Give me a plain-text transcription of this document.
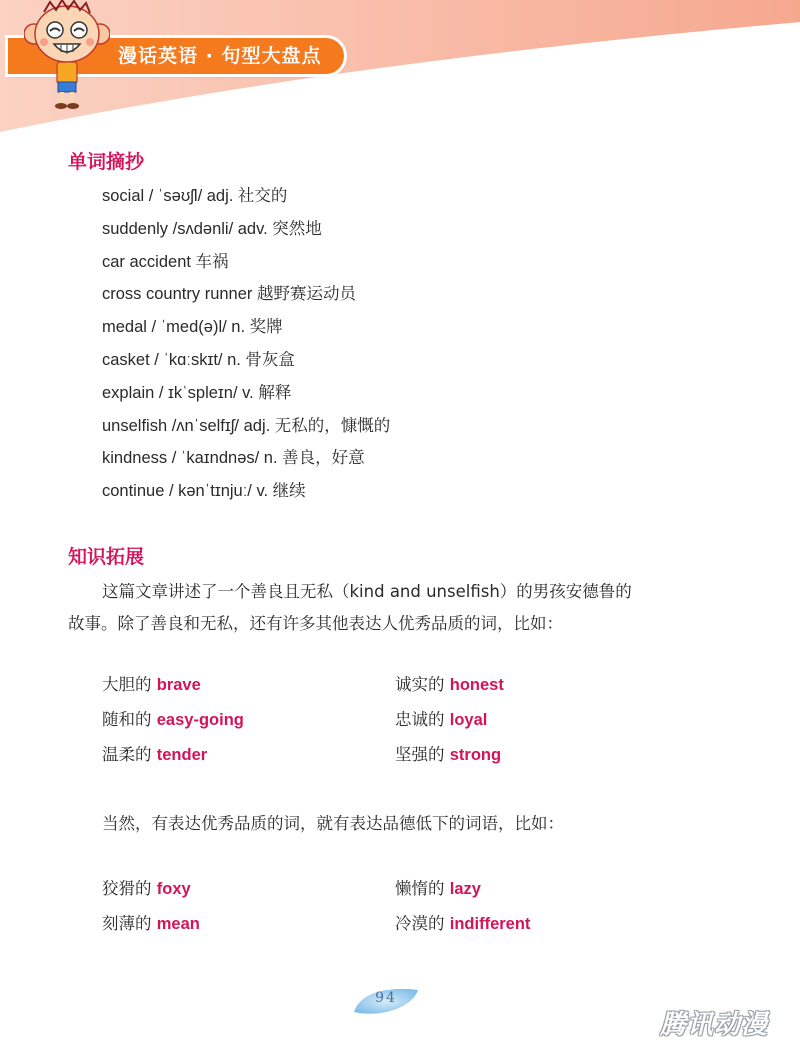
漫话英语 · 句型大盘点
单词摘抄
social / ˈsəʊʃl/ adj. 社交的
suddenly /sʌdənli/ adv. 突然地
car accident 车祸
cross country runner 越野赛运动员
medal / ˈmed(ə)l/ n. 奖牌
casket / ˈkɑːskɪt/ n. 骨灰盒
explain / ɪkˈspleɪn/ v. 解释
unselfish /ʌnˈselfɪʃ/ adj. 无私的，慷慨的
kindness / ˈkaɪndnəs/ n. 善良，好意
continue / kənˈtɪnjuː/ v. 继续
知识拓展

这篇文章讲述了一个善良且无私（kind and unselfish）的男孩安德鲁的
故事。除了善良和无私，还有许多其他表达人优秀品质的词，比如：

大胆的 brave	诚实的 honest
随和的 easy-going	忠诚的 loyal
温柔的 tender	坚强的 strong
当然，有表达优秀品质的词，就有表达品德低下的词语，比如：
狡猾的 foxy	懒惰的 lazy
刻薄的 mean	冷漠的 indifferent
94
腾讯动漫
